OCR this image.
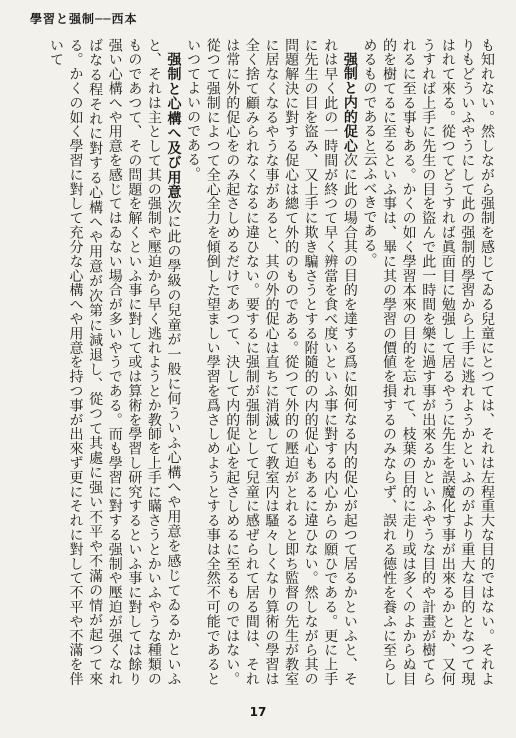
學習と强制──西本

も知れない。然しながら强制を感じてゐる兒童にとつては、それは左程重大な目的ではない。それよりもどういふやうにして此の强制的學習から上手に逃れようかといふのがより重大な目的となつて現はれて來る。從つてどうすれば眞面目に勉强して居るやうに先生を誤魔化す事が出來るかとか、又何うすれば上手に先生の目を盜んで此一時間を樂に過す事が出來るかといふやうな目的や計畫が樹てられるに至る事もある。かくの如く學習本來の目的を忘れて、枝葉の目的に走り或は多くのよからぬ目的を樹てるに至るといふ事は、畢に其の學習の價値を損するのみならず、誤れる德性を養ふに至らしめるものであると云ふべきである。

强制と内的促心次に此の場合其の目的を達する爲に如何なる内的促心が起つて居るかといふと、それは早く此の一時間が終つて早く辨當を食べ度いといふ事に對する内心からの願ひである。更に上手に先生の目を盜み、又上手に欺き騙さうとする附隨的の内的促心もあるに違ひない。然しながら其の問題解決に對する促心は總て外的のものである。從つて外的の壓迫がとれると即ち監督の先生が教室に居なくなるやうな事があると、其の外的促心は直ちに消滅して教室内は騷々しくなり算術の學習は全く捨て顧みられなくなるに違ひない。要するに强制が强制として兒童に感ぜられて居る間は、それは常に外的促心をのみ起さしめるだけであつて、決して内的促心を起さしめるに至るものではない。從つて强制によつて全心全力を傾倒した望ましい學習を爲さしめようとする事は全然不可能であるといつてよいのである。

强制と心構へ及び用意次に此の學級の兒童が一般に何ういふ心構へや用意を感じてゐるかといふと、それは主として其の强制や壓迫から早く逃れようとか教師を上手に瞞さうとかいふやうな種類のものであつて、その問題を解くといふ事に對して或は算術を學習し研究するといふ事に對しては餘り强い心構へや用意を感じてはゐない場合が多いやうである。而も學習に對する强制や壓迫が强くなればなる程それに對する心構へや用意が次第に減退し、從つて其處に强い不平や不滿の情が起つて來る。かくの如く學習に對して充分な心構へや用意を持つ事が出來ず更にそれに對して不平や不滿を伴いて

17
